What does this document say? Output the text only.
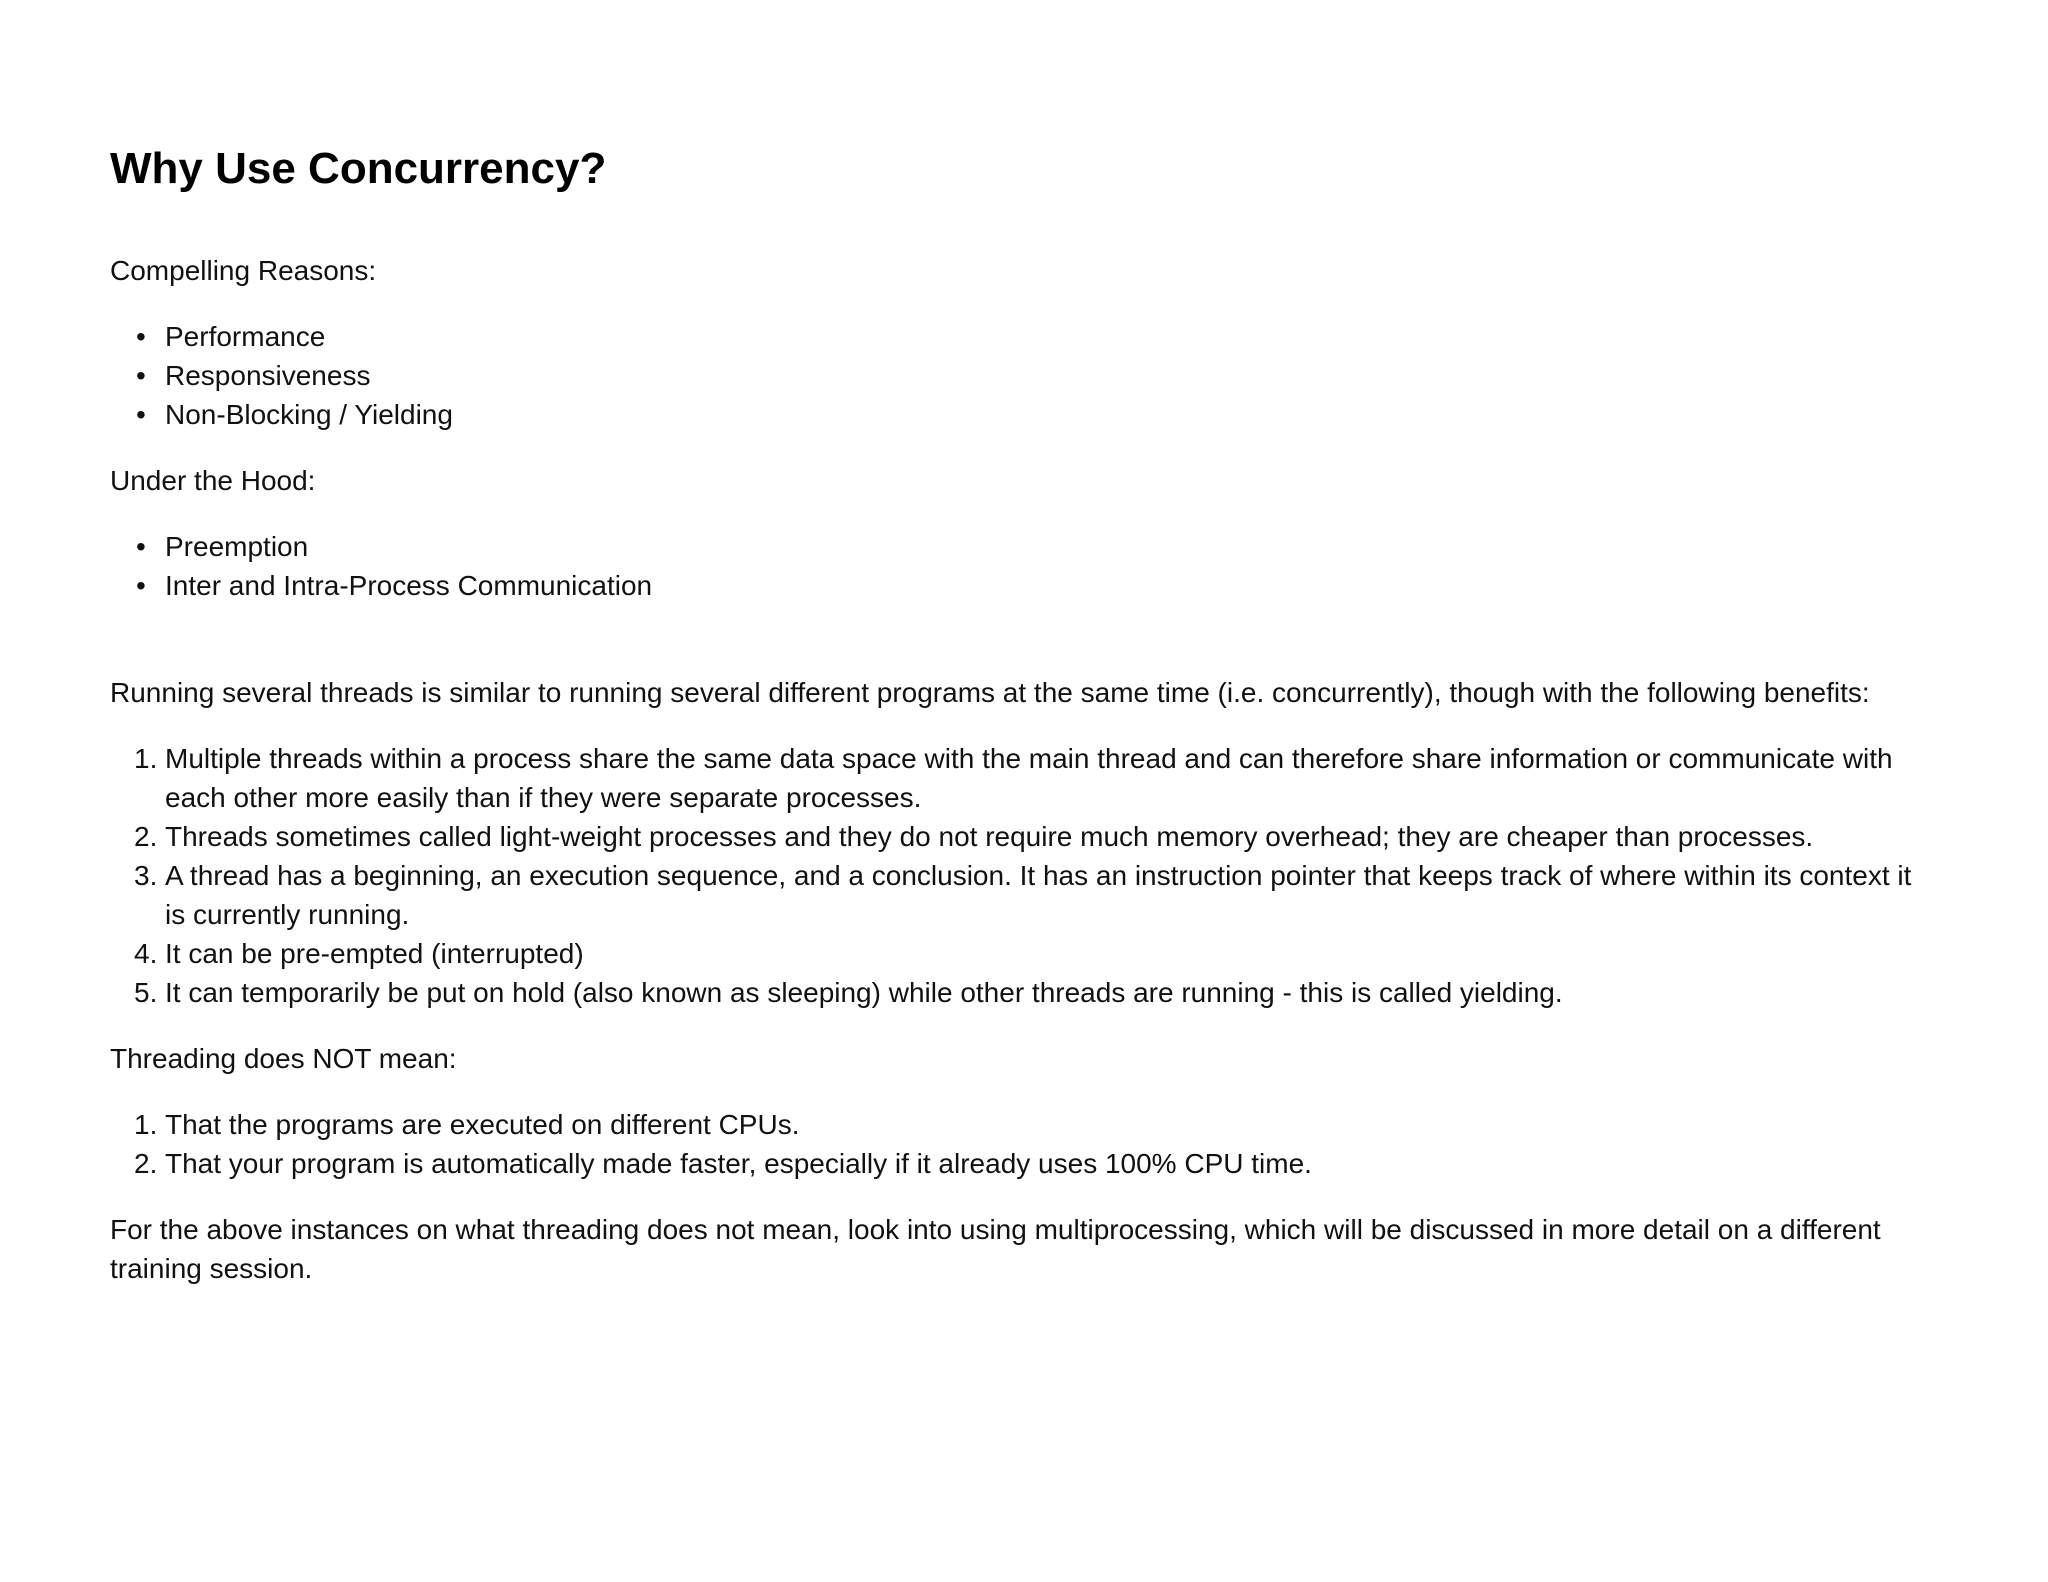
Why Use Concurrency?

Compelling Reasons:

• Performance
• Responsiveness
• Non-Blocking / Yielding

Under the Hood:

• Preemption
• Inter and Intra-Process Communication

Running several threads is similar to running several different programs at the same time (i.e. concurrently), though with the following benefits:

1. Multiple threads within a process share the same data space with the main thread and can therefore share information or communicate with each other more easily than if they were separate processes.
2. Threads sometimes called light-weight processes and they do not require much memory overhead; they are cheaper than processes.
3. A thread has a beginning, an execution sequence, and a conclusion. It has an instruction pointer that keeps track of where within its context it is currently running.
4. It can be pre-empted (interrupted)
5. It can temporarily be put on hold (also known as sleeping) while other threads are running - this is called yielding.

Threading does NOT mean:

1. That the programs are executed on different CPUs.
2. That your program is automatically made faster, especially if it already uses 100% CPU time.

For the above instances on what threading does not mean, look into using multiprocessing, which will be discussed in more detail on a different training session.
